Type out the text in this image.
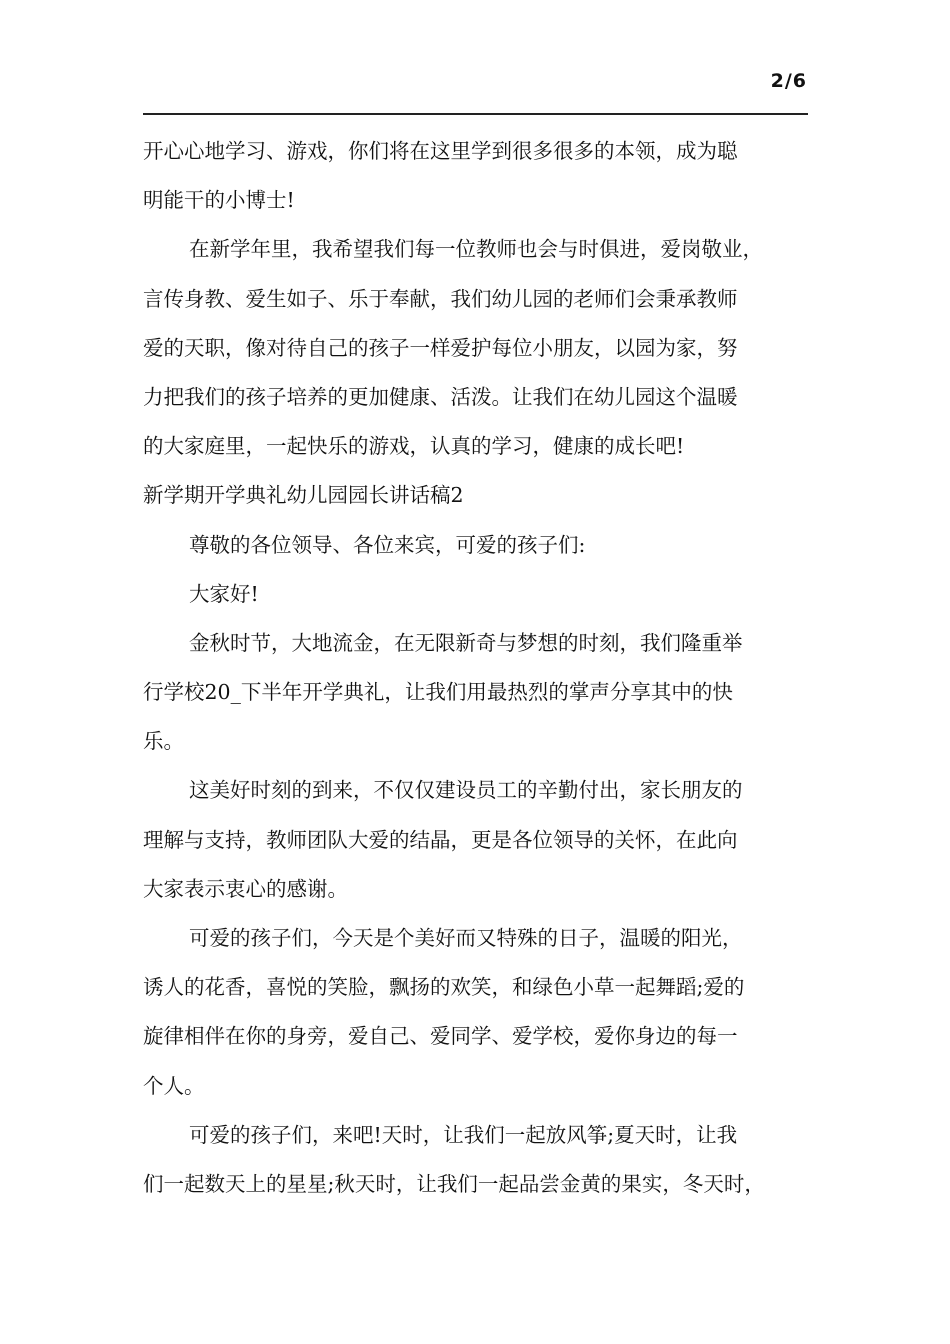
2/6
开心心地学习、游戏，你们将在这里学到很多很多的本领，成为聪
明能干的小博士!
在新学年里，我希望我们每一位教师也会与时俱进，爱岗敬业，
言传身教、爱生如子、乐于奉献，我们幼儿园的老师们会秉承教师
爱的天职，像对待自己的孩子一样爱护每位小朋友，以园为家，努
力把我们的孩子培养的更加健康、活泼。让我们在幼儿园这个温暖
的大家庭里，一起快乐的游戏，认真的学习，健康的成长吧!
新学期开学典礼幼儿园园长讲话稿2
尊敬的各位领导、各位来宾，可爱的孩子们:
大家好!
金秋时节，大地流金，在无限新奇与梦想的时刻，我们隆重举
行学校20_下半年开学典礼，让我们用最热烈的掌声分享其中的快
乐。
这美好时刻的到来，不仅仅建设员工的辛勤付出，家长朋友的
理解与支持，教师团队大爱的结晶，更是各位领导的关怀，在此向
大家表示衷心的感谢。
可爱的孩子们，今天是个美好而又特殊的日子，温暖的阳光，
诱人的花香，喜悦的笑脸，飘扬的欢笑，和绿色小草一起舞蹈;爱的
旋律相伴在你的身旁，爱自己、爱同学、爱学校，爱你身边的每一
个人。
可爱的孩子们，来吧!天时，让我们一起放风筝;夏天时，让我
们一起数天上的星星;秋天时，让我们一起品尝金黄的果实，冬天时，
